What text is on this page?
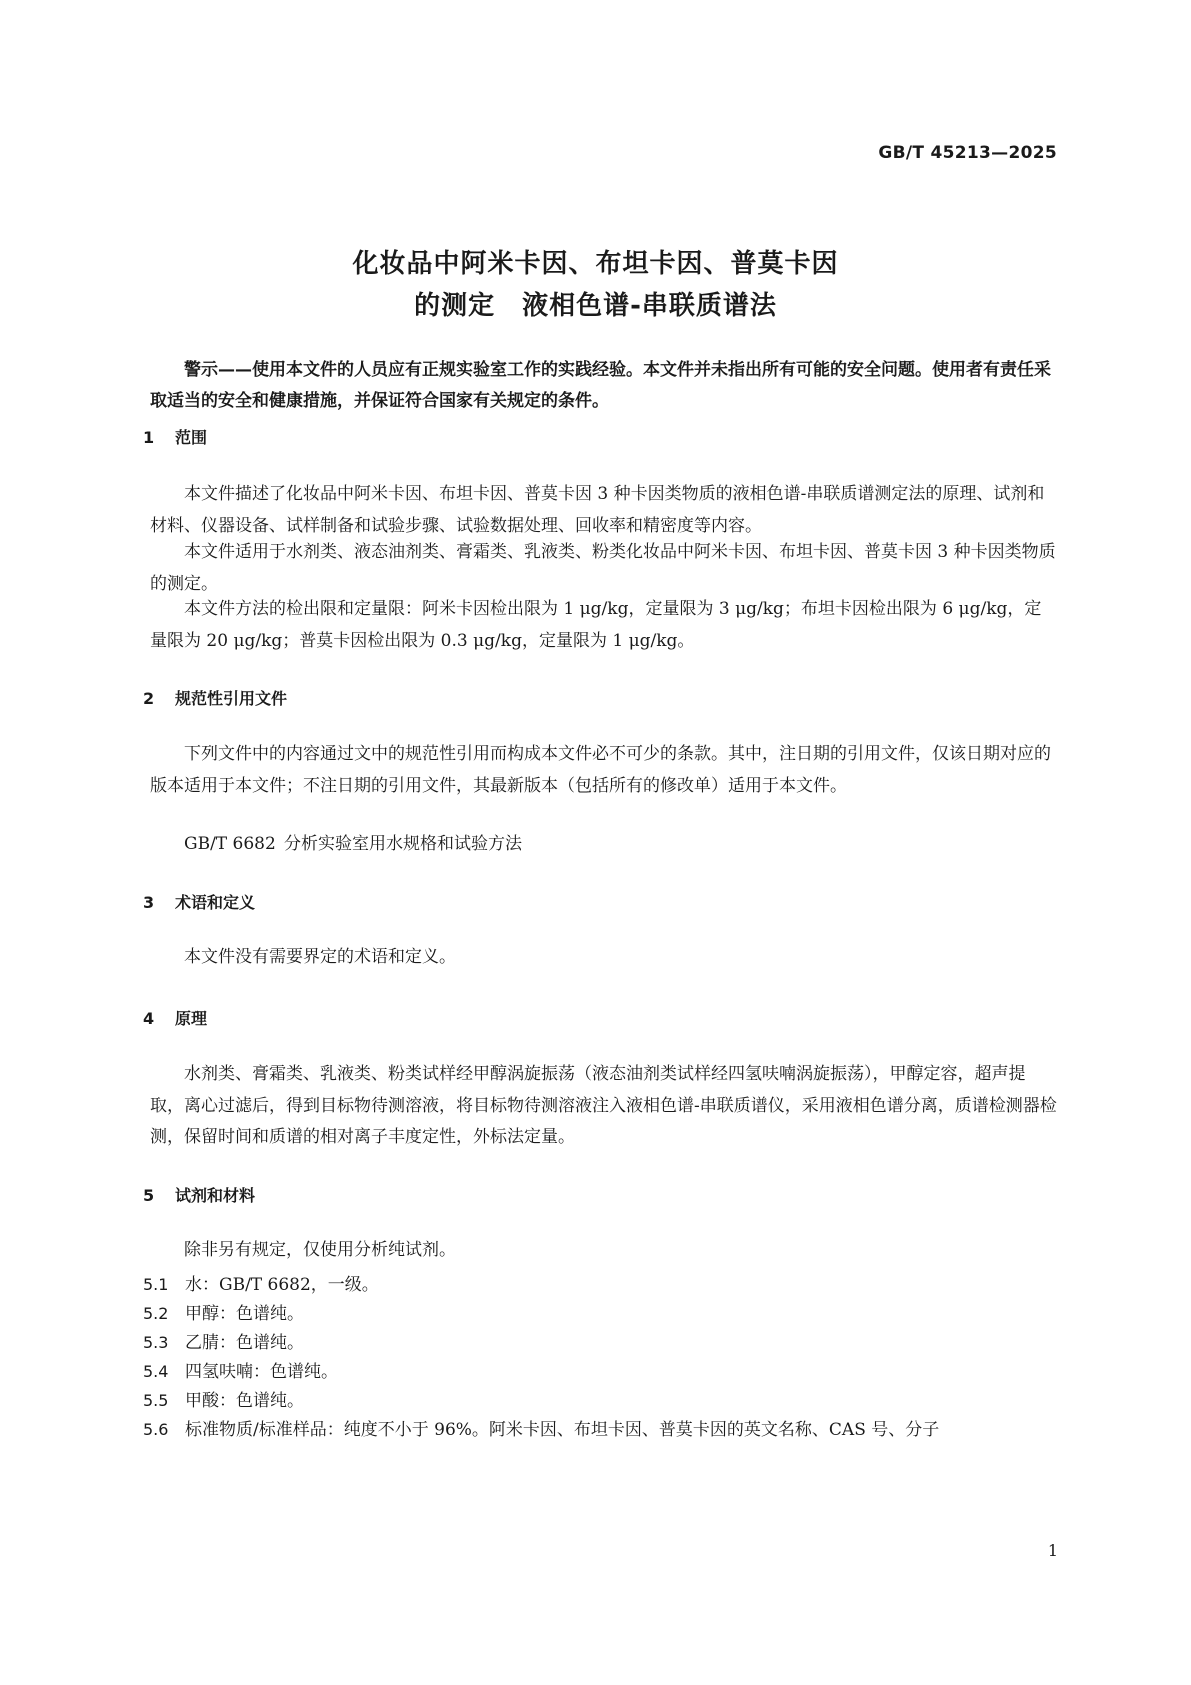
GB/T 45213—2025
化妆品中阿米卡因、布坦卡因、普莫卡因
的测定　液相色谱-串联质谱法
警示——使用本文件的人员应有正规实验室工作的实践经验。本文件并未指出所有可能的安全问题。使用者有责任采取适当的安全和健康措施，并保证符合国家有关规定的条件。
1 范围
本文件描述了化妆品中阿米卡因、布坦卡因、普莫卡因 3 种卡因类物质的液相色谱-串联质谱测定法的原理、试剂和材料、仪器设备、试样制备和试验步骤、试验数据处理、回收率和精密度等内容。
本文件适用于水剂类、液态油剂类、膏霜类、乳液类、粉类化妆品中阿米卡因、布坦卡因、普莫卡因 3 种卡因类物质的测定。
本文件方法的检出限和定量限：阿米卡因检出限为 1 μg/kg，定量限为 3 μg/kg；布坦卡因检出限为 6 μg/kg，定量限为 20 μg/kg；普莫卡因检出限为 0.3 μg/kg，定量限为 1 μg/kg。
2 规范性引用文件
下列文件中的内容通过文中的规范性引用而构成本文件必不可少的条款。其中，注日期的引用文件，仅该日期对应的版本适用于本文件；不注日期的引用文件，其最新版本（包括所有的修改单）适用于本文件。
GB/T 6682 分析实验室用水规格和试验方法
3 术语和定义
本文件没有需要界定的术语和定义。
4 原理
水剂类、膏霜类、乳液类、粉类试样经甲醇涡旋振荡（液态油剂类试样经四氢呋喃涡旋振荡），甲醇定容，超声提取，离心过滤后，得到目标物待测溶液，将目标物待测溶液注入液相色谱-串联质谱仪，采用液相色谱分离，质谱检测器检测，保留时间和质谱的相对离子丰度定性，外标法定量。
5 试剂和材料
除非另有规定，仅使用分析纯试剂。
5.1 水：GB/T 6682，一级。
5.2 甲醇：色谱纯。
5.3 乙腈：色谱纯。
5.4 四氢呋喃：色谱纯。
5.5 甲酸：色谱纯。
5.6 标准物质/标准样品：纯度不小于 96%。阿米卡因、布坦卡因、普莫卡因的英文名称、CAS 号、分子
1
